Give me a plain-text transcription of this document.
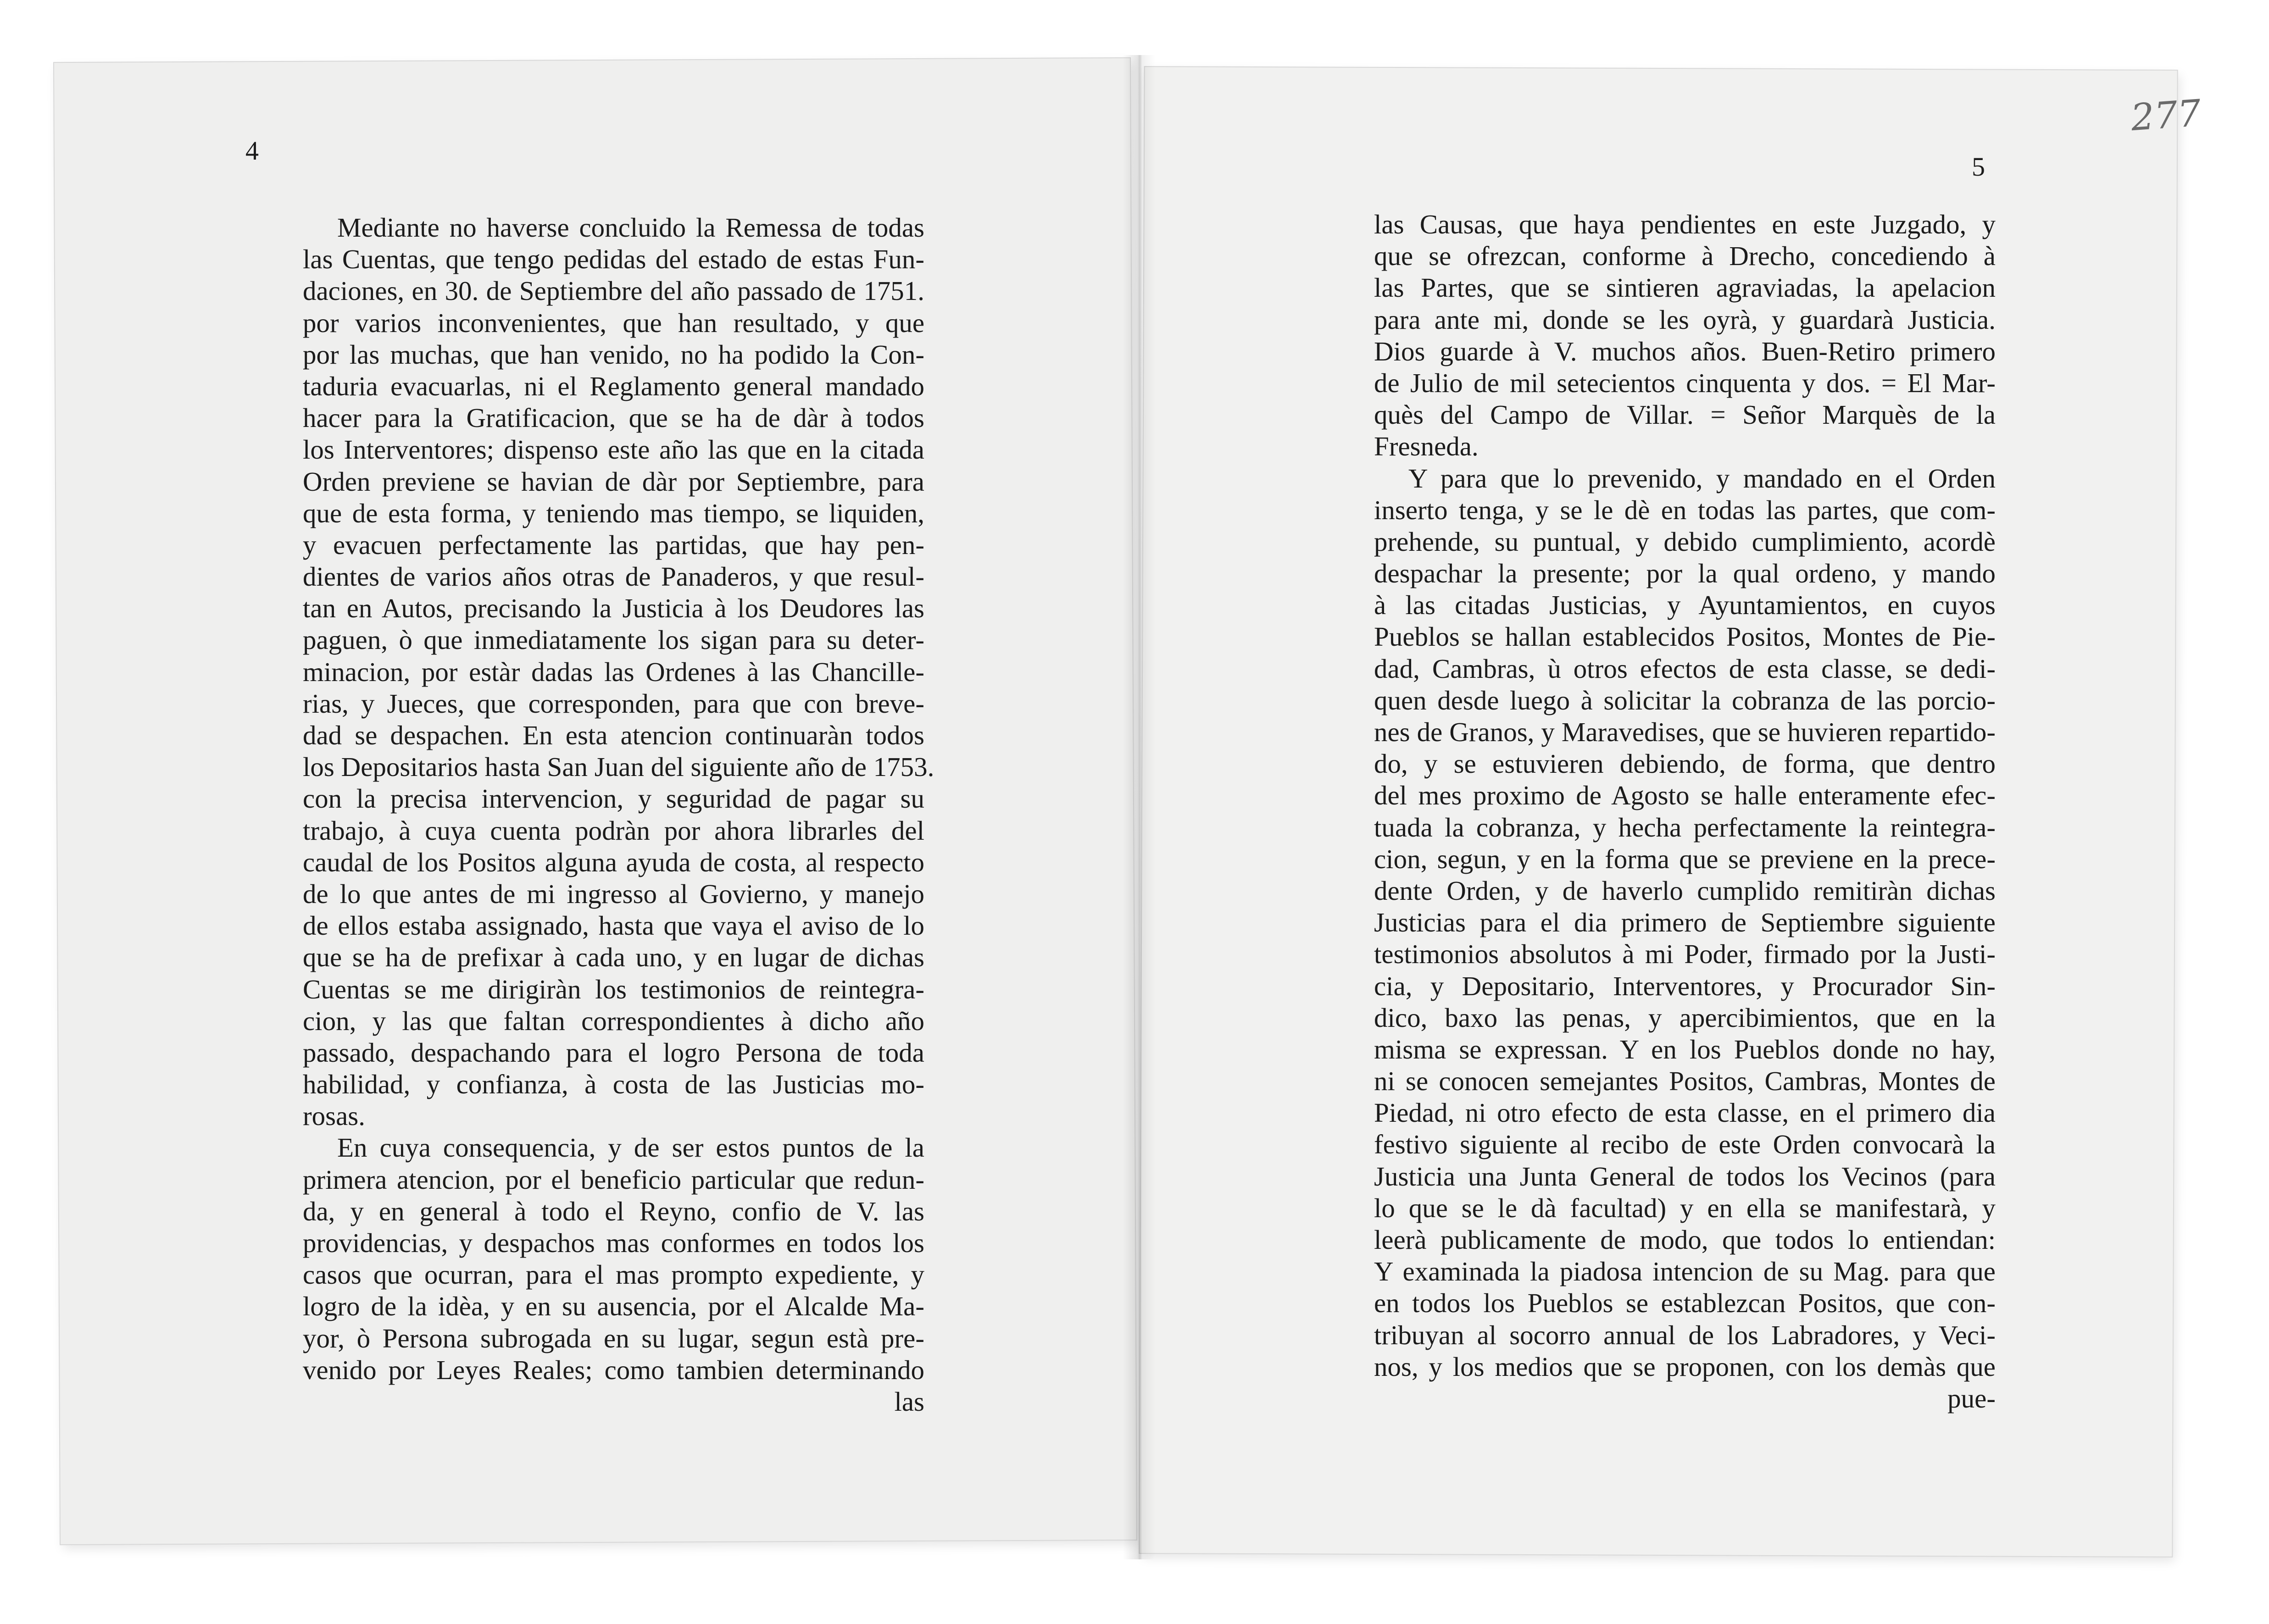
4
5
277
Mediante no haverse concluido la Remessa de todas
las Cuentas, que tengo pedidas del estado de estas Fun-
daciones, en 30. de Septiembre del año passado de 1751.
por varios inconvenientes, que han resultado, y que
por las muchas, que han venido, no ha podido la Con-
taduria evacuarlas, ni el Reglamento general mandado
hacer para la Gratificacion, que se ha de dàr à todos
los Interventores; dispenso este año las que en la citada
Orden previene se havian de dàr por Septiembre, para
que de esta forma, y teniendo mas tiempo, se liquiden,
y evacuen perfectamente las partidas, que hay pen-
dientes de varios años otras de Panaderos, y que resul-
tan en Autos, precisando la Justicia à los Deudores las
paguen, ò que inmediatamente los sigan para su deter-
minacion, por estàr dadas las Ordenes à las Chancille-
rias, y Jueces, que corresponden, para que con breve-
dad se despachen. En esta atencion continuaràn todos
los Depositarios hasta San Juan del siguiente año de 1753.
con la precisa intervencion, y seguridad de pagar su
trabajo, à cuya cuenta podràn por ahora librarles del
caudal de los Positos alguna ayuda de costa, al respecto
de lo que antes de mi ingresso al Govierno, y manejo
de ellos estaba assignado, hasta que vaya el aviso de lo
que se ha de prefixar à cada uno, y en lugar de dichas
Cuentas se me dirigiràn los testimonios de reintegra-
cion, y las que faltan correspondientes à dicho año
passado, despachando para el logro Persona de toda
habilidad, y confianza, à costa de las Justicias mo-
rosas.
En cuya consequencia, y de ser estos puntos de la
primera atencion, por el beneficio particular que redun-
da, y en general à todo el Reyno, confio de V. las
providencias, y despachos mas conformes en todos los
casos que ocurran, para el mas prompto expediente, y
logro de la idèa, y en su ausencia, por el Alcalde Ma-
yor, ò Persona subrogada en su lugar, segun està pre-
venido por Leyes Reales; como tambien determinando
las
las Causas, que haya pendientes en este Juzgado, y
que se ofrezcan, conforme à Drecho, concediendo à
las Partes, que se sintieren agraviadas, la apelacion
para ante mi, donde se les oyrà, y guardarà Justicia.
Dios guarde à V. muchos años. Buen-Retiro primero
de Julio de mil setecientos cinquenta y dos. = El Mar-
quès del Campo de Villar. = Señor Marquès de la
Fresneda.
Y para que lo prevenido, y mandado en el Orden
inserto tenga, y se le dè en todas las partes, que com-
prehende, su puntual, y debido cumplimiento, acordè
despachar la presente; por la qual ordeno, y mando
à las citadas Justicias, y Ayuntamientos, en cuyos
Pueblos se hallan establecidos Positos, Montes de Pie-
dad, Cambras, ù otros efectos de esta classe, se dedi-
quen desde luego à solicitar la cobranza de las porcio-
nes de Granos, y Maravedises, que se huvieren repartido-
do, y se estuvieren debiendo, de forma, que dentro
del mes proximo de Agosto se halle enteramente efec-
tuada la cobranza, y hecha perfectamente la reintegra-
cion, segun, y en la forma que se previene en la prece-
dente Orden, y de haverlo cumplido remitiràn dichas
Justicias para el dia primero de Septiembre siguiente
testimonios absolutos à mi Poder, firmado por la Justi-
cia, y Depositario, Interventores, y Procurador Sin-
dico, baxo las penas, y apercibimientos, que en la
misma se expressan. Y en los Pueblos donde no hay,
ni se conocen semejantes Positos, Cambras, Montes de
Piedad, ni otro efecto de esta classe, en el primero dia
festivo siguiente al recibo de este Orden convocarà la
Justicia una Junta General de todos los Vecinos (para
lo que se le dà facultad) y en ella se manifestarà, y
leerà publicamente de modo, que todos lo entiendan:
Y examinada la piadosa intencion de su Mag. para que
en todos los Pueblos se establezcan Positos, que con-
tribuyan al socorro annual de los Labradores, y Veci-
nos, y los medios que se proponen, con los demàs que
pue-
